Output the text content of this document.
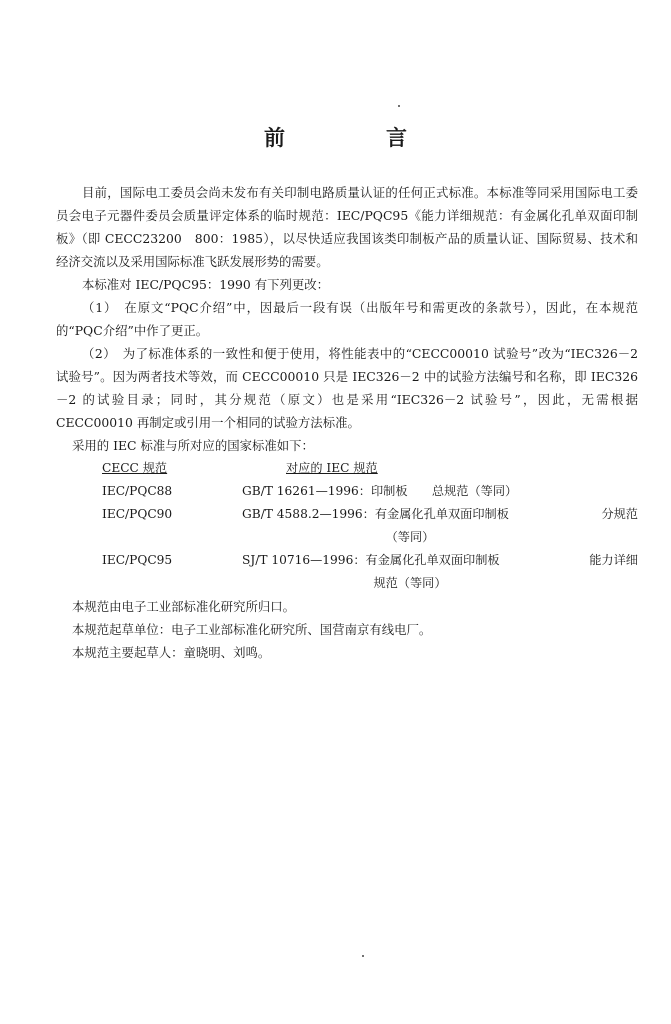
前　言

目前，国际电工委员会尚未发布有关印制电路质量认证的任何正式标准。本标准等同采用国际电工委员会电子元器件委员会质量评定体系的临时规范：IEC/PQC95《能力详细规范：有金属化孔单双面印制板》（即 CECC23200　800：1985），以尽快适应我国该类印制板产品的质量认证、国际贸易、技术和经济交流以及采用国际标准飞跃发展形势的需要。

本标准对 IEC/PQC95：1990 有下列更改：

（1）　在原文“PQC介绍”中，因最后一段有误（出版年号和需更改的条款号），因此，在本规范的“PQC介绍”中作了更正。

（2）　为了标准体系的一致性和便于使用，将性能表中的“CECC00010 试验号”改为“IEC326－2 试验号”。因为两者技术等效，而 CECC00010 只是 IEC326－2 中的试验方法编号和名称，即 IEC326－2 的试验目录；同时，其分规范（原文）也是采用“IEC326－2 试验号”，因此，无需根据 CECC00010 再制定或引用一个相同的试验方法标准。

采用的 IEC 标准与所对应的国家标准如下：

CECC 规范	对应的 IEC 规范
IEC/PQC88	GB/T 16261—1996：印制板　　总规范（等同）
IEC/PQC90	GB/T 4588.2—1996：有金属化孔单双面印制板 分规范
（等同）

IEC/PQC95	SJ/T 10716—1996：有金属化孔单双面印制板 能力详细
规范（等同）

本规范由电子工业部标准化研究所归口。

本规范起草单位：电子工业部标准化研究所、国营南京有线电厂。

本规范主要起草人：童晓明、刘鸣。
